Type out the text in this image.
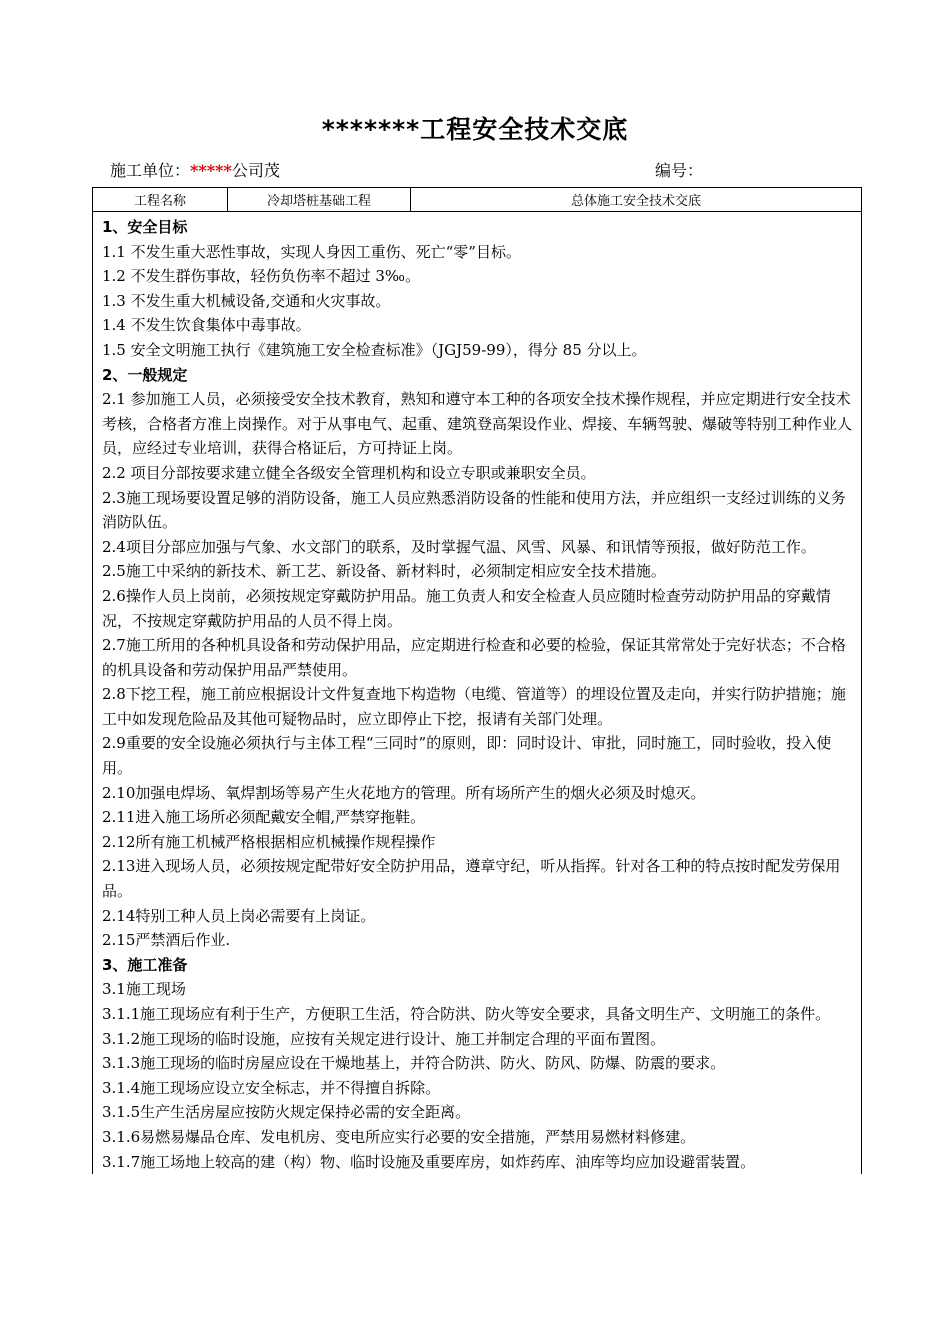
*******工程安全技术交底
施工单位：*****公司茂	编号：
工程名称	冷却塔桩基础工程	总体施工安全技术交底

1、安全目标

1.1 不发生重大恶性事故，实现人身因工重伤、死亡“零”目标。

1.2 不发生群伤事故，轻伤负伤率不超过 3‰。

1.3 不发生重大机械设备,交通和火灾事故。

1.4 不发生饮食集体中毒事故。

1.5 安全文明施工执行《建筑施工安全检查标准》（JGJ59-99），得分 85 分以上。

2、一般规定

2.1 参加施工人员，必须接受安全技术教育，熟知和遵守本工种的各项安全技术操作规程，并应定期进行安全技术考核，合格者方准上岗操作。对于从事电气、起重、建筑登高架设作业、焊接、车辆驾驶、爆破等特别工种作业人员，应经过专业培训，获得合格证后，方可持证上岗。

2.2 项目分部按要求建立健全各级安全管理机构和设立专职或兼职安全员。

2.3施工现场要设置足够的消防设备，施工人员应熟悉消防设备的性能和使用方法，并应组织一支经过训练的义务消防队伍。

2.4项目分部应加强与气象、水文部门的联系，及时掌握气温、风雪、风暴、和讯情等预报，做好防范工作。

2.5施工中采纳的新技术、新工艺、新设备、新材料时，必须制定相应安全技术措施。

2.6操作人员上岗前，必须按规定穿戴防护用品。施工负责人和安全检查人员应随时检查劳动防护用品的穿戴情况，不按规定穿戴防护用品的人员不得上岗。

2.7施工所用的各种机具设备和劳动保护用品，应定期进行检查和必要的检验，保证其常常处于完好状态；不合格的机具设备和劳动保护用品严禁使用。

2.8下挖工程，施工前应根据设计文件复查地下构造物（电缆、管道等）的埋设位置及走向，并实行防护措施；施工中如发现危险品及其他可疑物品时，应立即停止下挖，报请有关部门处理。

2.9重要的安全设施必须执行与主体工程“三同时”的原则，即：同时设计、审批，同时施工，同时验收，投入使用。

2.10加强电焊场、氧焊割场等易产生火花地方的管理。所有场所产生的烟火必须及时熄灭。

2.11进入施工场所必须配戴安全帽,严禁穿拖鞋。

2.12所有施工机械严格根据相应机械操作规程操作

2.13进入现场人员，必须按规定配带好安全防护用品，遵章守纪，听从指挥。针对各工种的特点按时配发劳保用品。

2.14特别工种人员上岗必需要有上岗证。

2.15严禁酒后作业.

3、施工准备

3.1施工现场

3.1.1施工现场应有利于生产，方便职工生活，符合防洪、防火等安全要求，具备文明生产、文明施工的条件。

3.1.2施工现场的临时设施，应按有关规定进行设计、施工并制定合理的平面布置图。

3.1.3施工现场的临时房屋应设在干燥地基上，并符合防洪、防火、防风、防爆、防震的要求。

3.1.4施工现场应设立安全标志，并不得擅自拆除。

3.1.5生产生活房屋应按防火规定保持必需的安全距离。

3.1.6易燃易爆品仓库、发电机房、变电所应实行必要的安全措施，严禁用易燃材料修建。

3.1.7施工场地上较高的建（构）物、临时设施及重要库房，如炸药库、油库等均应加设避雷装置。
